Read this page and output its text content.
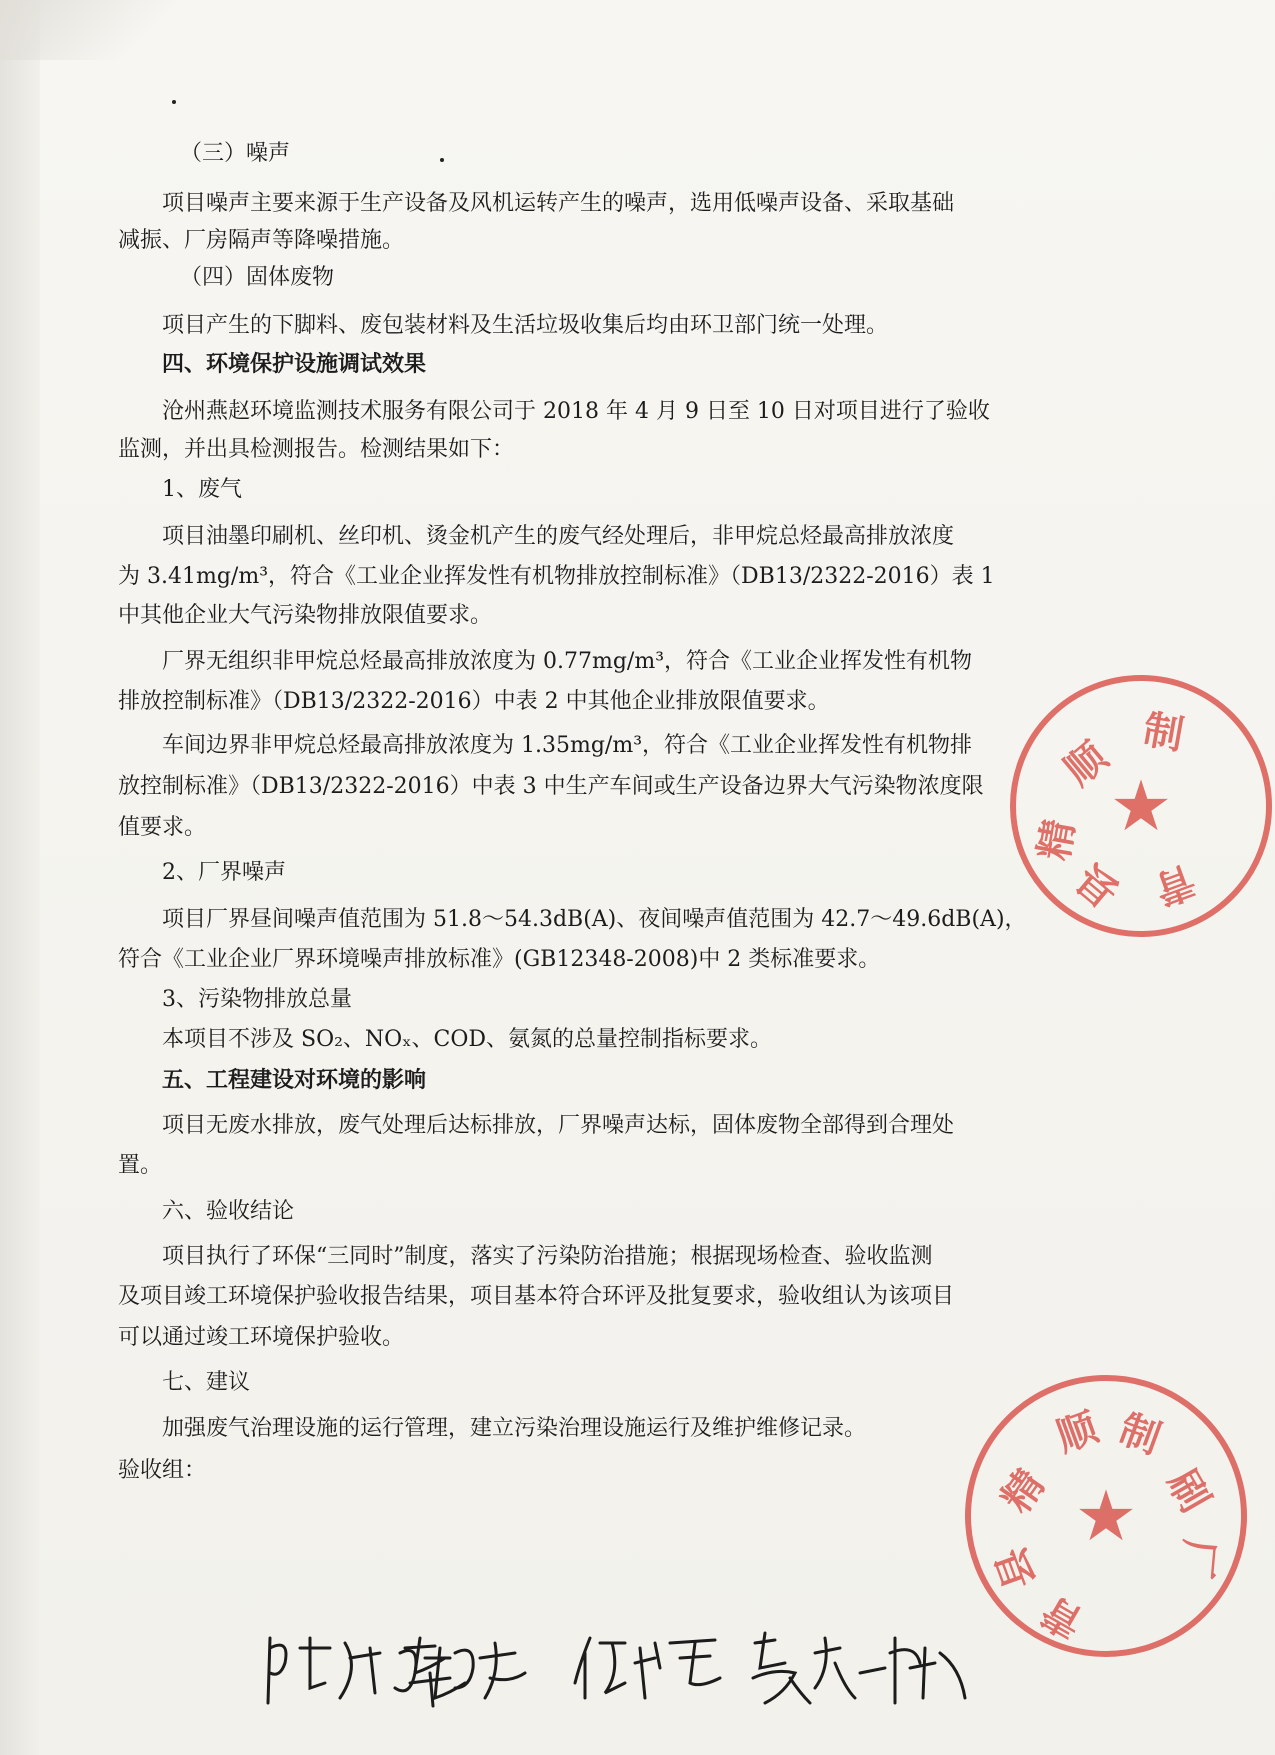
（三）噪声

项目噪声主要来源于生产设备及风机运转产生的噪声，选用低噪声设备、采取基础

减振、厂房隔声等降噪措施。

（四）固体废物

项目产生的下脚料、废包装材料及生活垃圾收集后均由环卫部门统一处理。

四、环境保护设施调试效果

沧州燕赵环境监测技术服务有限公司于 2018 年 4 月 9 日至 10 日对项目进行了验收

监测，并出具检测报告。检测结果如下：

1、废气

项目油墨印刷机、丝印机、烫金机产生的废气经处理后，非甲烷总烃最高排放浓度

为 3.41mg/m³，符合《工业企业挥发性有机物排放控制标准》（DB13/2322-2016）表 1

中其他企业大气污染物排放限值要求。

厂界无组织非甲烷总烃最高排放浓度为 0.77mg/m³，符合《工业企业挥发性有机物

排放控制标准》（DB13/2322-2016）中表 2 中其他企业排放限值要求。

车间边界非甲烷总烃最高排放浓度为 1.35mg/m³，符合《工业企业挥发性有机物排

放控制标准》（DB13/2322-2016）中表 3 中生产车间或生产设备边界大气污染物浓度限

值要求。

2、厂界噪声

项目厂界昼间噪声值范围为 51.8～54.3dB(A)、夜间噪声值范围为 42.7～49.6dB(A)，

符合《工业企业厂界环境噪声排放标准》(GB12348-2008)中 2 类标准要求。

3、污染物排放总量

本项目不涉及 SO₂、NOₓ、COD、氨氮的总量控制指标要求。

五、工程建设对环境的影响

项目无废水排放，废气处理后达标排放，厂界噪声达标，固体废物全部得到合理处

置。

六、验收结论

项目执行了环保“三同时”制度，落实了污染防治措施；根据现场检查、验收监测

及项目竣工环境保护验收报告结果，项目基本符合环评及批复要求，验收组认为该项目

可以通过竣工环境保护验收。

七、建议

加强废气治理设施的运行管理，建立污染治理设施运行及维护维修记录。

验收组：

★
顺
制
精
县 青
★
精
顺 制
刷
厂
县
青
